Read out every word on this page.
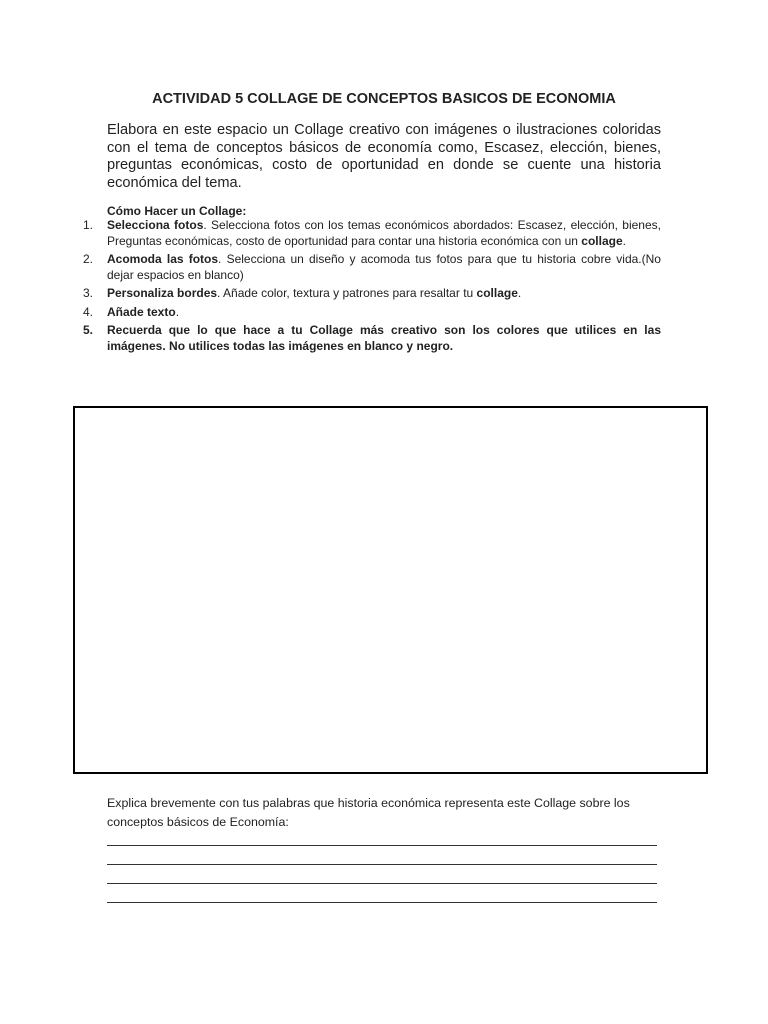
ACTIVIDAD 5 COLLAGE DE CONCEPTOS BASICOS DE ECONOMIA
Elabora en este espacio un Collage creativo con imágenes o ilustraciones coloridas con el tema de conceptos básicos de economía como, Escasez, elección, bienes, preguntas económicas, costo de oportunidad en donde se cuente una historia económica del tema.
Cómo Hacer un Collage:
1. Selecciona fotos. Selecciona fotos con los temas económicos abordados: Escasez, elección, bienes, Preguntas económicas, costo de oportunidad para contar una historia económica con un collage.
2. Acomoda las fotos. Selecciona un diseño y acomoda tus fotos para que tu historia cobre vida.(No dejar espacios en blanco)
3. Personaliza bordes. Añade color, textura y patrones para resaltar tu collage.
4. Añade texto.
5. Recuerda que lo que hace a tu Collage más creativo son los colores que utilices en las imágenes. No utilices todas las imágenes en blanco y negro.
Explica brevemente con tus palabras que historia económica representa este Collage sobre los conceptos básicos de Economía:
